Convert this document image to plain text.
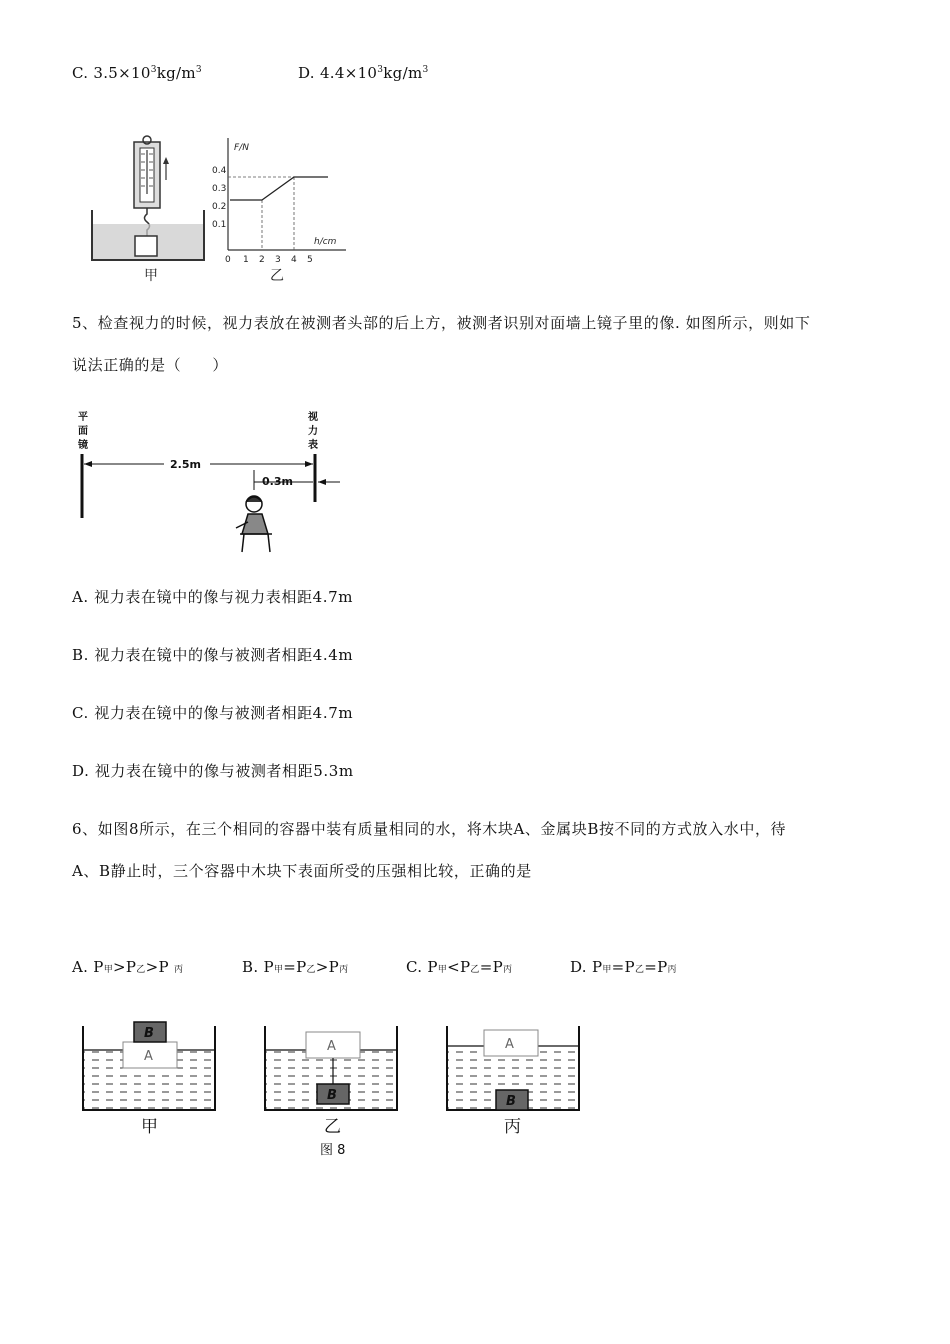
C. $3.5\times 10^3kg/m^3$	D. $4.4\times 10^3kg/m^3$
甲
F/N
h/cm
0.4
0.3
0.2
0.1
0 1 2 3 4 5
乙
5、检查视力的时候，视力表放在被测者头部的后上方，被测者识别对面墙上镜子里的像. 如图所示，则如下
说法正确的是（　　）
平
面
镜
视
力
表
2.5m
0.3m
A. 视力表在镜中的像与视力表相距4.7m
B. 视力表在镜中的像与被测者相距4.4m
C. 视力表在镜中的像与被测者相距4.7m
D. 视力表在镜中的像与被测者相距5.3m
6、如图8所示，在三个相同的容器中装有质量相同的水，将木块A、金属块B按不同的方式放入水中，待
A、B静止时，三个容器中木块下表面所受的压强相比较，正确的是
A. P甲>P乙>P 丙	B. P甲=P乙>P丙	C. P甲<P乙=P丙	D. P甲=P乙=P丙
A
B
甲
A
B
乙
图 8
A
B
丙
